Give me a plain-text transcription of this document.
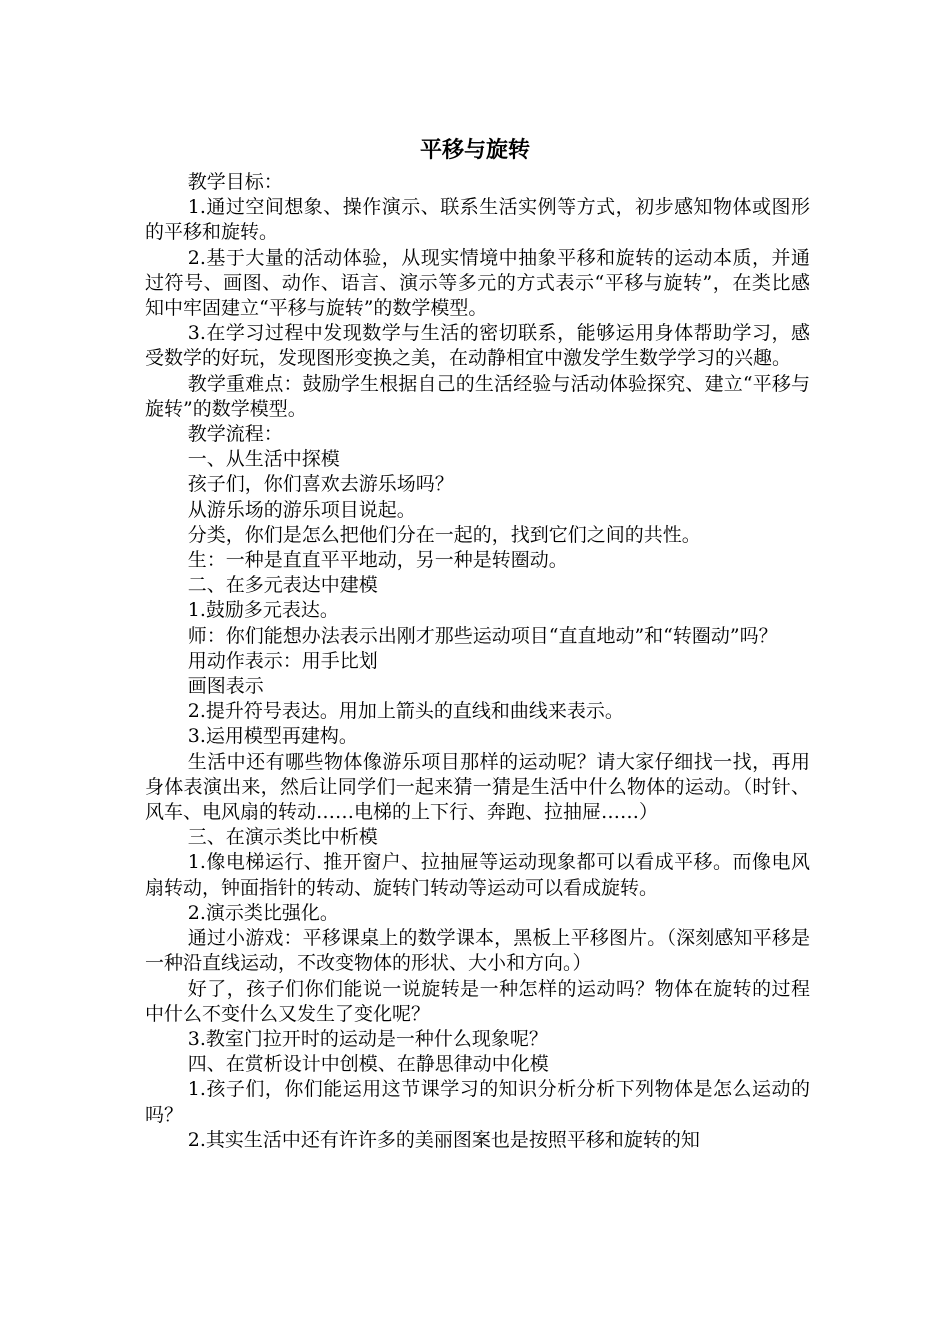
平移与旋转

教学目标：

1.通过空间想象、操作演示、联系生活实例等方式，初步感知物体或图形的平移和旋转。

2.基于大量的活动体验，从现实情境中抽象平移和旋转的运动本质，并通过符号、画图、动作、语言、演示等多元的方式表示“平移与旋转”，在类比感知中牢固建立“平移与旋转”的数学模型。

3.在学习过程中发现数学与生活的密切联系，能够运用身体帮助学习，感受数学的好玩，发现图形变换之美，在动静相宜中激发学生数学学习的兴趣。

教学重难点：鼓励学生根据自己的生活经验与活动体验探究、建立“平移与旋转”的数学模型。

教学流程：

一、从生活中探模

孩子们，你们喜欢去游乐场吗？

从游乐场的游乐项目说起。

分类，你们是怎么把他们分在一起的，找到它们之间的共性。

生：一种是直直平平地动，另一种是转圈动。

二、在多元表达中建模

1.鼓励多元表达。

师：你们能想办法表示出刚才那些运动项目“直直地动”和“转圈动”吗？

用动作表示：用手比划

画图表示

2.提升符号表达。用加上箭头的直线和曲线来表示。

3.运用模型再建构。

生活中还有哪些物体像游乐项目那样的运动呢？请大家仔细找一找，再用身体表演出来，然后让同学们一起来猜一猜是生活中什么物体的运动。（时针、风车、电风扇的转动……电梯的上下行、奔跑、拉抽屉……）

三、在演示类比中析模

1.像电梯运行、推开窗户、拉抽屉等运动现象都可以看成平移。而像电风扇转动，钟面指针的转动、旋转门转动等运动可以看成旋转。

2.演示类比强化。

通过小游戏：平移课桌上的数学课本，黑板上平移图片。（深刻感知平移是一种沿直线运动，不改变物体的形状、大小和方向。）

好了，孩子们你们能说一说旋转是一种怎样的运动吗？物体在旋转的过程中什么不变什么又发生了变化呢？

3.教室门拉开时的运动是一种什么现象呢？

四、在赏析设计中创模、在静思律动中化模

1.孩子们，你们能运用这节课学习的知识分析分析下列物体是怎么运动的吗？

2.其实生活中还有许许多的美丽图案也是按照平移和旋转的知
